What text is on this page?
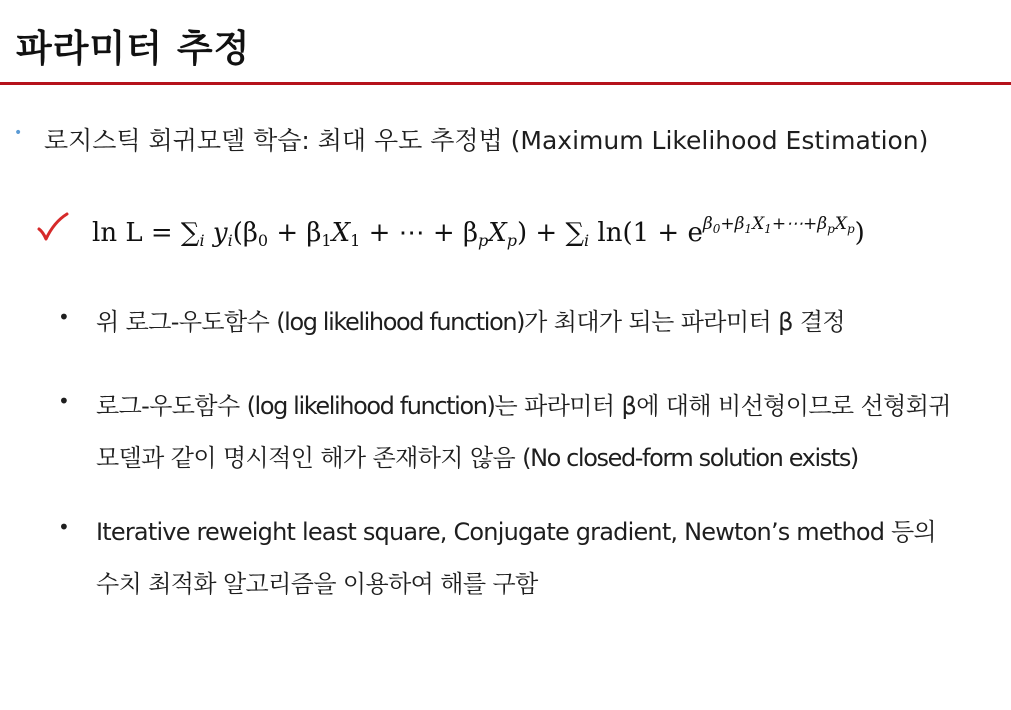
파라미터 추정
• 로지스틱 회귀모델 학습: 최대 우도 추정법 (Maximum Likelihood Estimation)
$\ln L = \sum_i$ $y_i(\beta_0 + \beta_1X_1$ + ⋯ + $\beta_pX_p) + \sum_i$ $\ln(1 + e^{\beta_0+\beta_1X_1+\cdots+\beta_pX_p})$
• 위 로그-우도함수 (log likelihood function)가 최대가 되는 파라미터 β 결정
• 로그-우도함수 (log likelihood function)는 파라미터 β에 대해 비선형이므로 선형회귀
모델과 같이 명시적인 해가 존재하지 않음 (No closed-form solution exists)
• Iterative reweight least square, Conjugate gradient, Newton’s method 등의
수치 최적화 알고리즘을 이용하여 해를 구함
